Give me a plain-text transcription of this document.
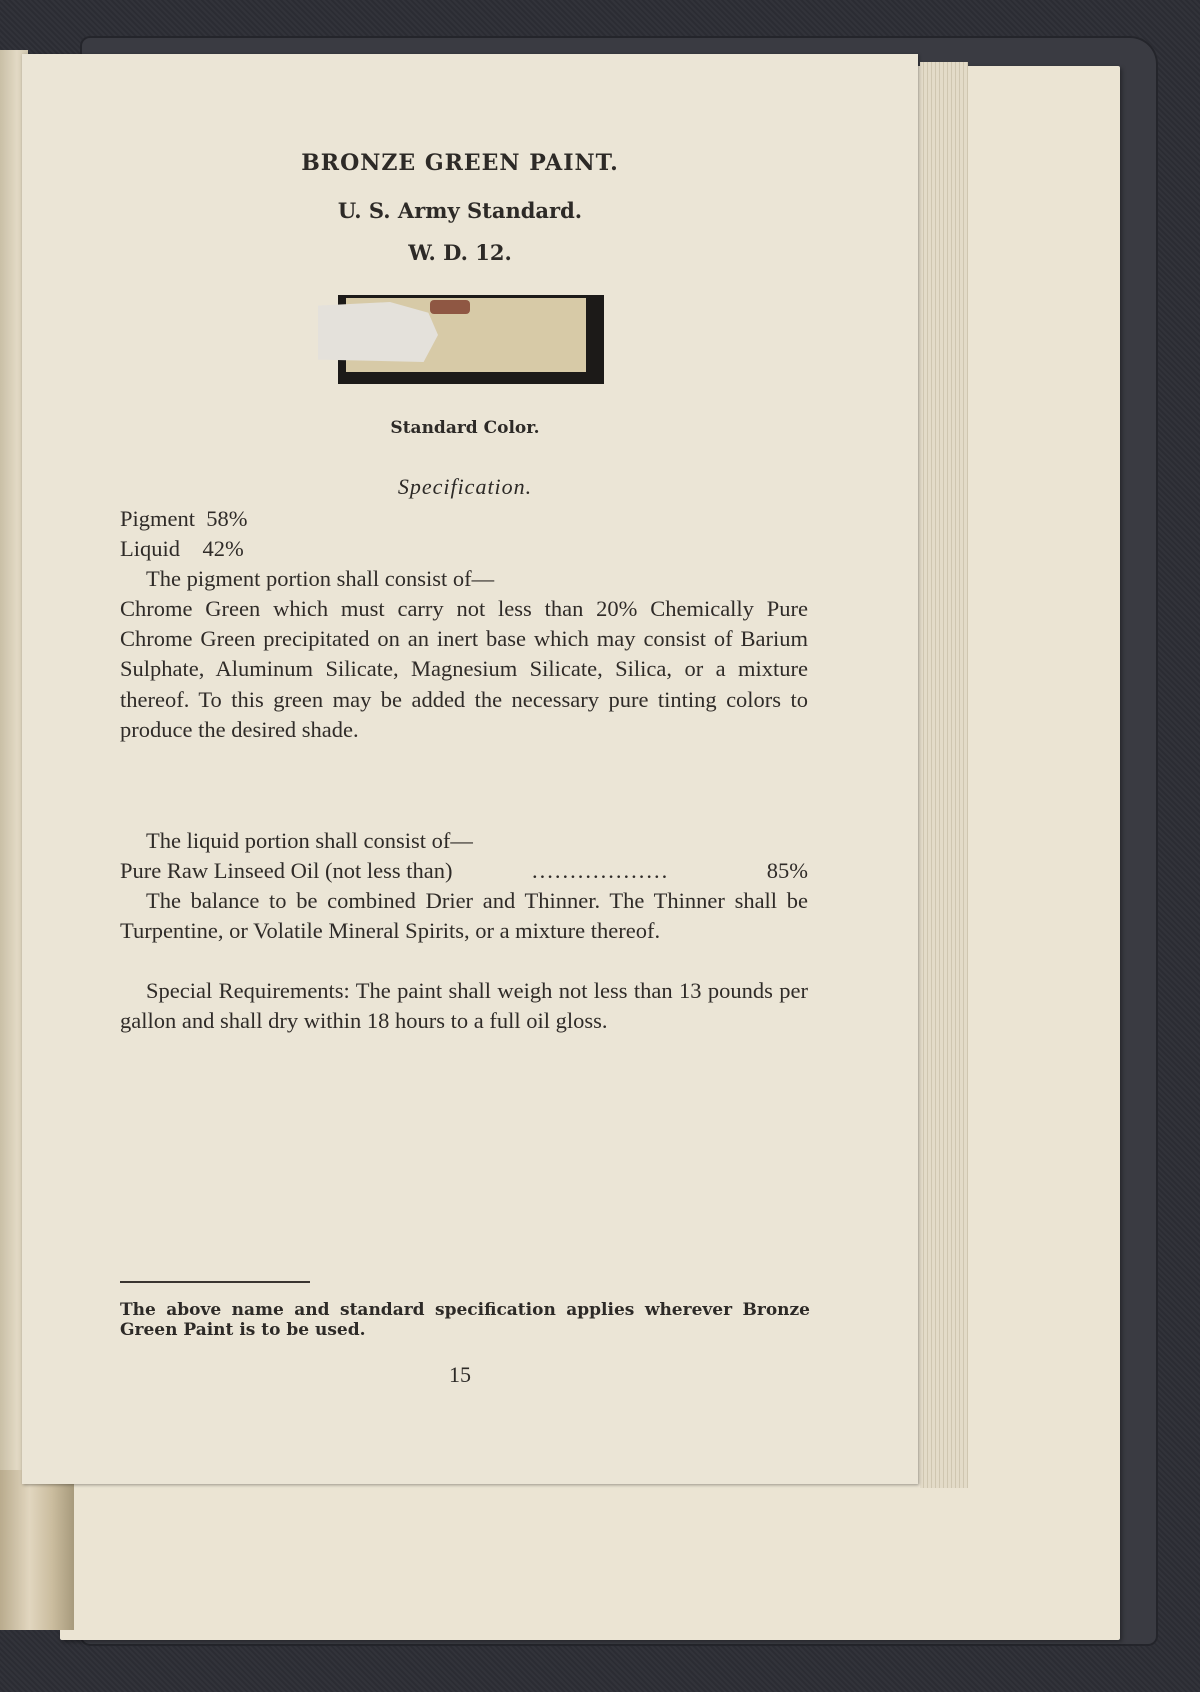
BRONZE GREEN PAINT.
U. S. Army Standard.
W. D. 12.
Standard Color.
Specification.
Pigment  58%
Liquid    42%
The pigment portion shall consist of—
Chrome Green which must carry not less than 20% Chemically Pure Chrome Green precipitated on an inert base which may consist of Barium Sulphate, Aluminum Silicate, Magnesium Silicate, Silica, or a mixture thereof. To this green may be added the necessary pure tinting colors to produce the desired shade.
The liquid portion shall consist of—
Pure Raw Linseed Oil (not less than)	..................	85%
The balance to be combined Drier and Thinner. The Thinner shall be Turpentine, or Volatile Mineral Spirits, or a mixture thereof.
Special Requirements: The paint shall weigh not less than 13 pounds per gallon and shall dry within 18 hours to a full oil gloss.
The above name and standard specification applies wherever Bronze Green Paint is to be used.
15
